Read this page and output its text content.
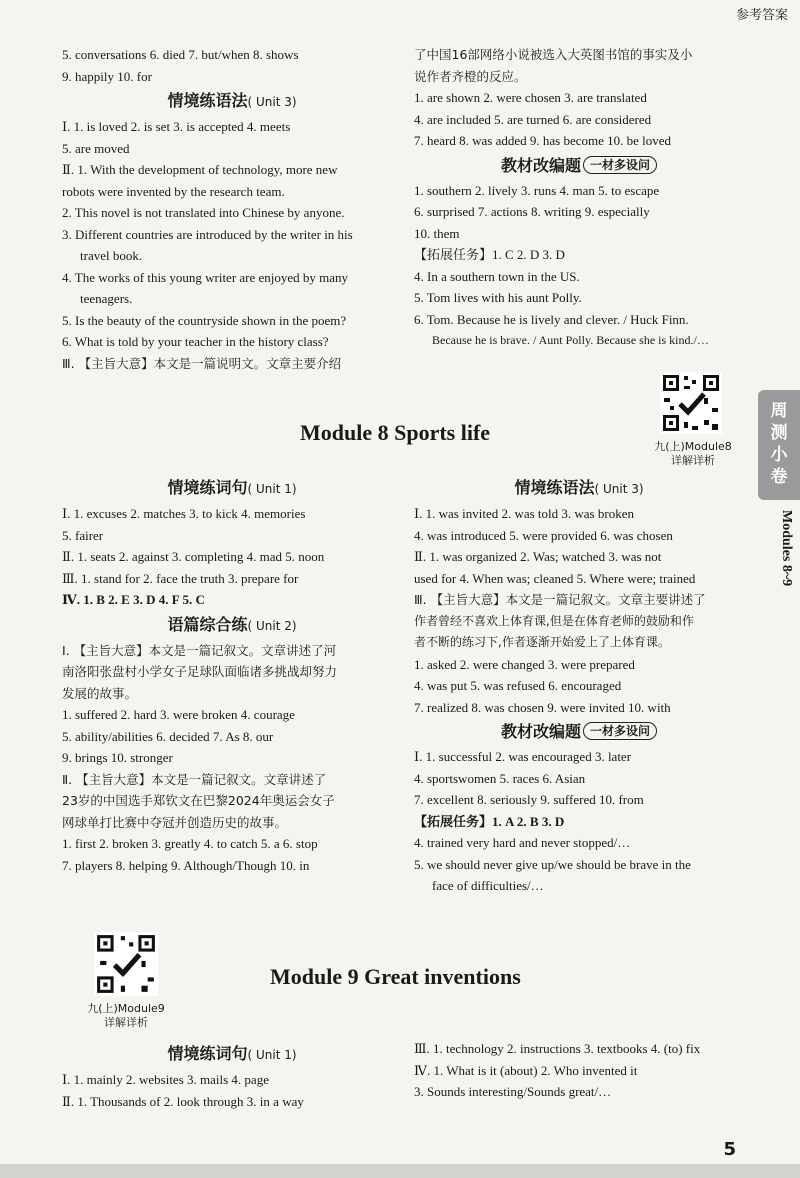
参考答案
5. conversations 6. died 7. but/when 8. shows
9. happily 10. for
情境练语法( Unit 3)
Ⅰ. 1. is loved 2. is set 3. is accepted 4. meets
5. are moved
Ⅱ. 1. With the development of technology, more new
robots were invented by the research team.
2. This novel is not translated into Chinese by anyone.
3. Different countries are introduced by the writer in his
travel book.
4. The works of this young writer are enjoyed by many
teenagers.
5. Is the beauty of the countryside shown in the poem?
6. What is told by your teacher in the history class?
Ⅲ. 【主旨大意】本文是一篇说明文。文章主要介绍
了中国16部网络小说被选入大英图书馆的事实及小
说作者齐橙的反应。
1. are shown 2. were chosen 3. are translated
4. are included 5. are turned 6. are considered
7. heard 8. was added 9. has become 10. be loved
教材改编题 一材多设问
1. southern 2. lively 3. runs 4. man 5. to escape
6. surprised 7. actions 8. writing 9. especially
10. them
【拓展任务】1. C 2. D 3. D
4. In a southern town in the US.
5. Tom lives with his aunt Polly.
6. Tom. Because he is lively and clever. / Huck Finn.
Because he is brave. / Aunt Polly. Because she is kind./…
Module 8 Sports life
九(上)Module8
详解详析
情境练词句( Unit 1)
Ⅰ. 1. excuses 2. matches 3. to kick 4. memories
5. fairer
Ⅱ. 1. seats 2. against 3. completing 4. mad 5. noon
Ⅲ. 1. stand for 2. face the truth 3. prepare for
Ⅳ. 1. B 2. E 3. D 4. F 5. C
语篇综合练( Unit 2)
Ⅰ. 【主旨大意】本文是一篇记叙文。文章讲述了河
南洛阳张盘村小学女子足球队面临诸多挑战却努力
发展的故事。
1. suffered 2. hard 3. were broken 4. courage
5. ability/abilities 6. decided 7. As 8. our
9. brings 10. stronger
Ⅱ. 【主旨大意】本文是一篇记叙文。文章讲述了
23岁的中国选手郑钦文在巴黎2024年奥运会女子
网球单打比赛中夺冠并创造历史的故事。
1. first 2. broken 3. greatly 4. to catch 5. a 6. stop
7. players 8. helping 9. Although/Though 10. in
情境练语法( Unit 3)
Ⅰ. 1. was invited 2. was told 3. was broken
4. was introduced 5. were provided 6. was chosen
Ⅱ. 1. was organized 2. Was; watched 3. was not
used for 4. When was; cleaned 5. Where were; trained
Ⅲ. 【主旨大意】本文是一篇记叙文。文章主要讲述了
作者曾经不喜欢上体育课,但是在体育老师的鼓励和作
者不断的练习下,作者逐渐开始爱上了上体育课。
1. asked 2. were changed 3. were prepared
4. was put 5. was refused 6. encouraged
7. realized 8. was chosen 9. were invited 10. with
教材改编题 一材多设问
Ⅰ. 1. successful 2. was encouraged 3. later
4. sportswomen 5. races 6. Asian
7. excellent 8. seriously 9. suffered 10. from
【拓展任务】1. A 2. B 3. D
4. trained very hard and never stopped/…
5. we should never give up/we should be brave in the
face of difficulties/…
九(上)Module9
详解详析
Module 9 Great inventions
情境练词句( Unit 1)
Ⅰ. 1. mainly 2. websites 3. mails 4. page
Ⅱ. 1. Thousands of 2. look through 3. in a way
Ⅲ. 1. technology 2. instructions 3. textbooks 4. (to) fix
Ⅳ. 1. What is it (about) 2. Who invented it
3. Sounds interesting/Sounds great/…
周
测
小
卷
Modules 8~9
5
